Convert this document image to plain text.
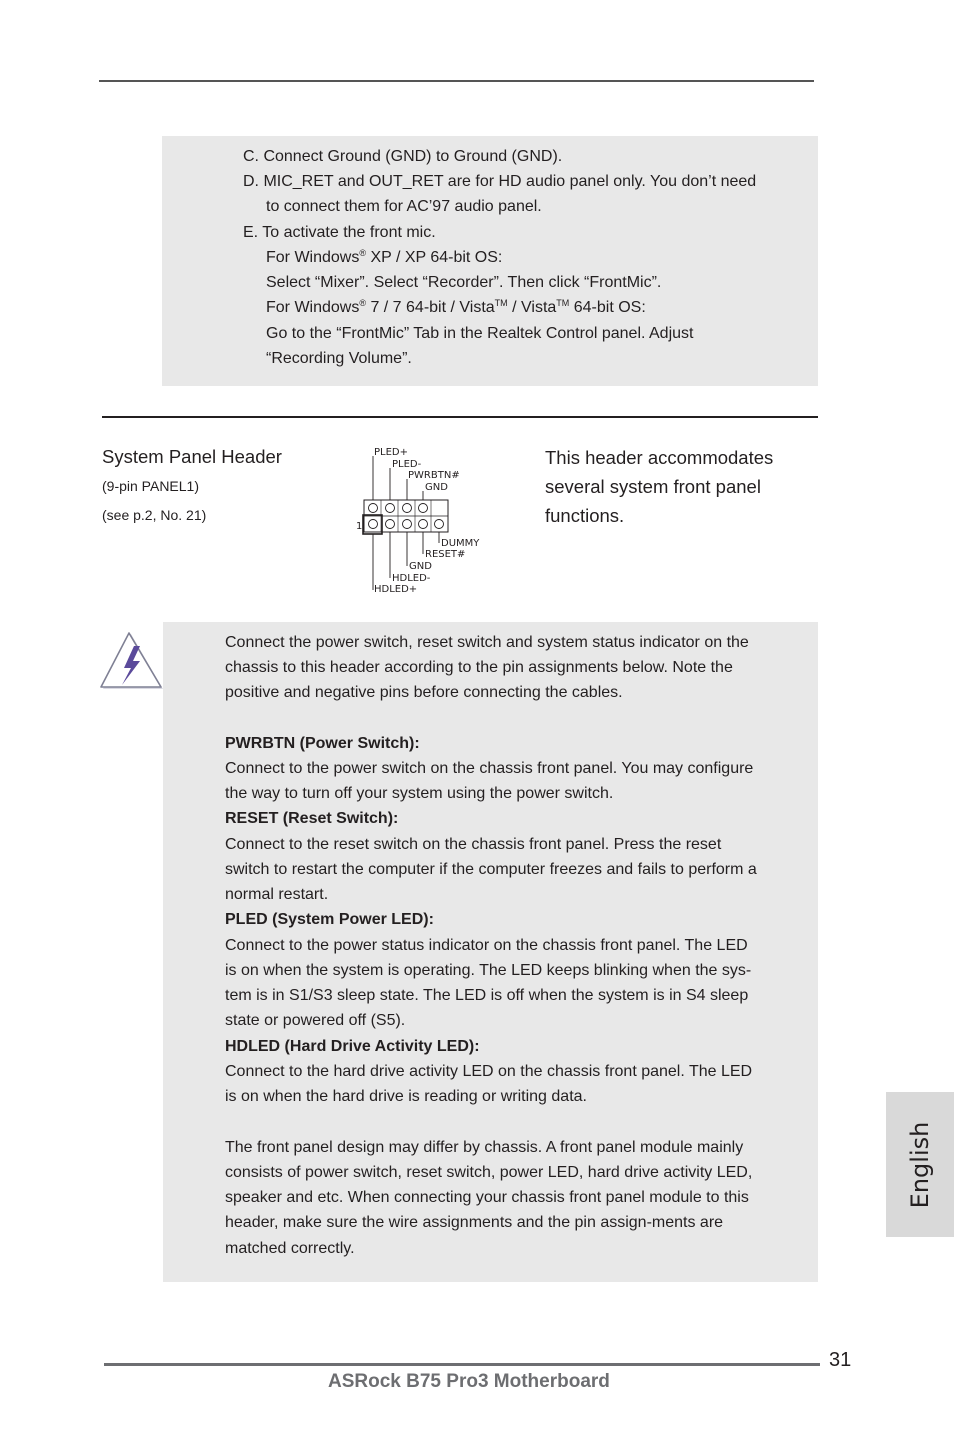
C. Connect Ground (GND) to Ground (GND).
D. MIC_RET and OUT_RET are for HD audio panel only. You don’t need
to connect them for AC’97 audio panel.
E. To activate the front mic.
For Windows® XP / XP 64-bit OS:
Select “Mixer”. Select “Recorder”. Then click “FrontMic”.
For Windows® 7 / 7 64-bit / Vista™ / Vista™ 64-bit OS:
Go to the “FrontMic” Tab in the Realtek Control panel. Adjust
“Recording Volume”.
System Panel Header
(9-pin PANEL1)
(see p.2, No. 21)
PLED+
PLED-
PWRBTN#
GND
1
DUMMY
RESET#
GND
HDLED-
HDLED+
This header accommodates
several system front panel
functions.
Connect the power switch, reset switch and system status indicator on the
chassis to this header according to the pin assignments below. Note the
positive and negative pins before connecting the cables.
PWRBTN (Power Switch):
Connect to the power switch on the chassis front panel. You may configure
the way to turn off your system using the power switch.
RESET (Reset Switch):
Connect to the reset switch on the chassis front panel. Press the reset
switch to restart the computer if the computer freezes and fails to perform a
normal restart.
PLED (System Power LED):
Connect to the power status indicator on the chassis front panel. The LED
is on when the system is operating. The LED keeps blinking when the sys-
tem is in S1/S3 sleep state. The LED is off when the system is in S4 sleep
state or powered off (S5).
HDLED (Hard Drive Activity LED):
Connect to the hard drive activity LED on the chassis front panel. The LED
is on when the hard drive is reading or writing data.
The front panel design may differ by chassis. A front panel module mainly
consists of power switch, reset switch, power LED, hard drive activity LED,
speaker and etc. When connecting your chassis front panel module to this
header, make sure the wire assignments and the pin assign-ments are
matched correctly.
English
31
ASRock B75 Pro3 Motherboard
